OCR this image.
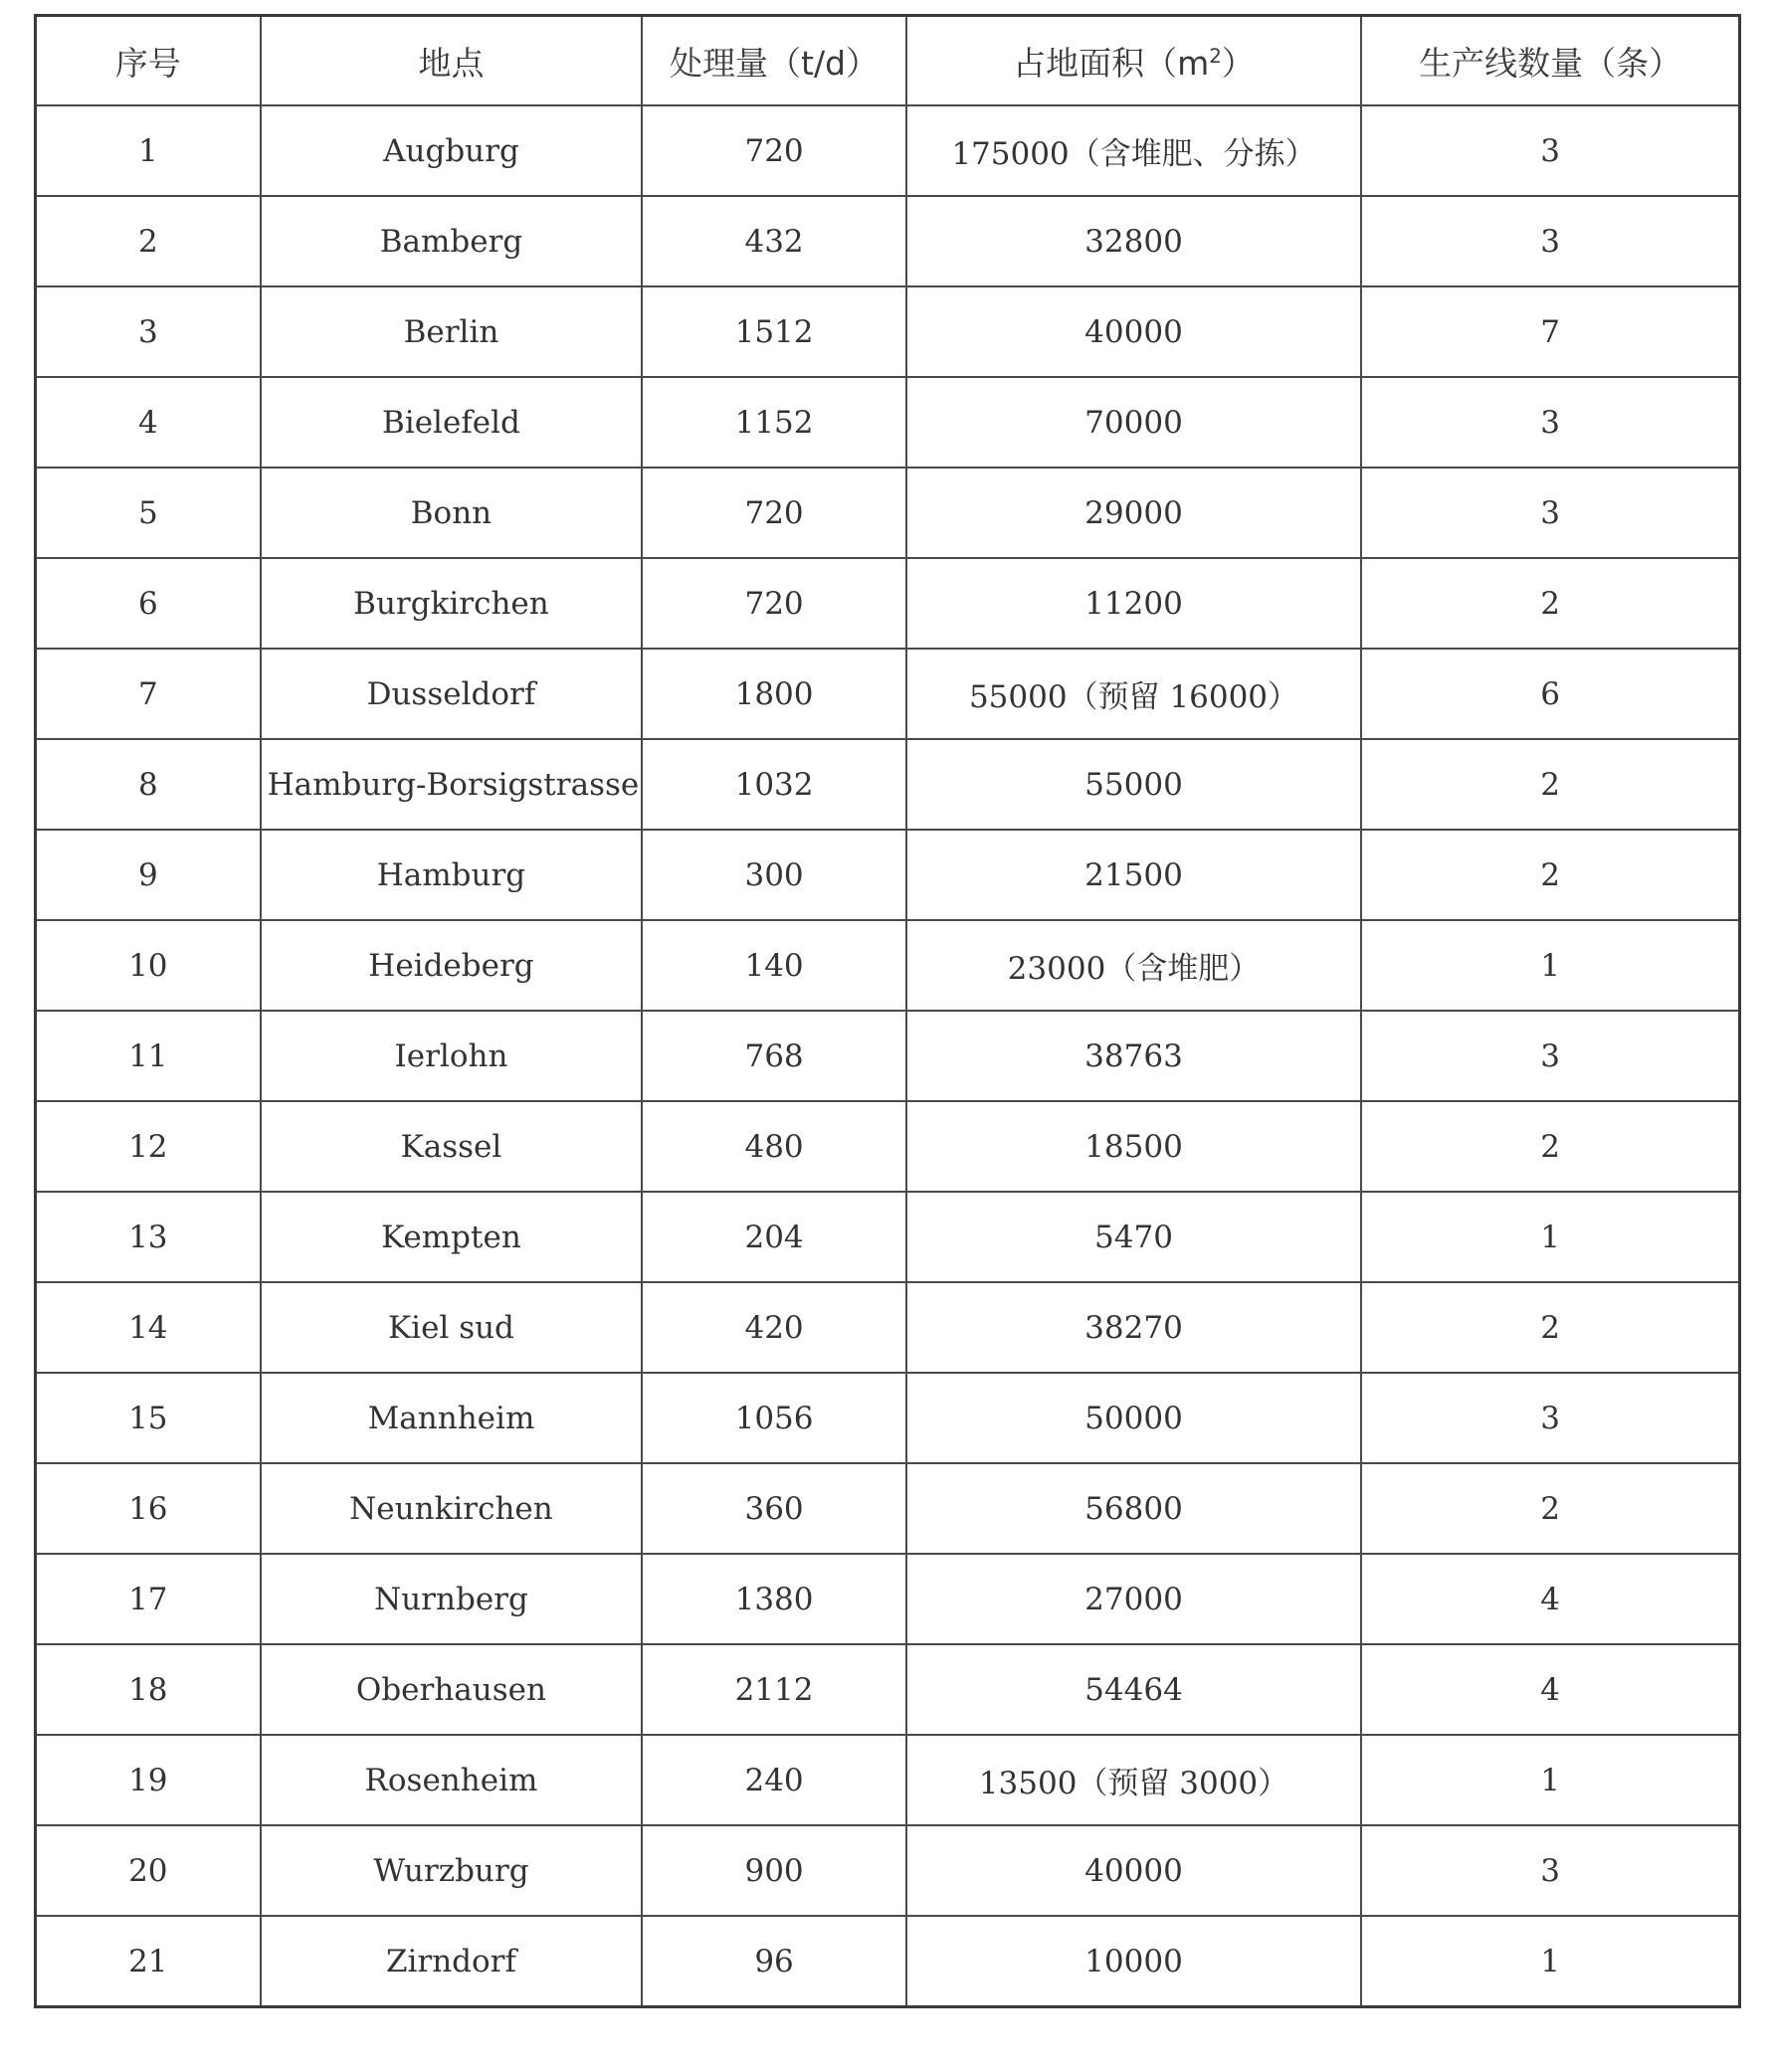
序号	地点	处理量（t/d）	占地面积$(m^2)$	生产线数量（条）
1	Augburg	720	175000（含堆肥、分拣）	3
2	Bamberg	432	32800	3
3	Berlin	1512	40000	7
4	Bielefeld	1152	70000	3
5	Bonn	720	29000	3
6	Burgkirchen	720	11200	2
7	Dusseldorf	1800	55000（预留 16000）	6
8	Hamburg-Borsigstrasse	1032	55000	2
9	Hamburg	300	21500	2
10	Heideberg	140	23000（含堆肥）	1
11	Ierlohn	768	38763	3
12	Kassel	480	18500	2
13	Kempten	204	5470	1
14	Kiel sud	420	38270	2
15	Mannheim	1056	50000	3
16	Neunkirchen	360	56800	2
17	Nurnberg	1380	27000	4
18	Oberhausen	2112	54464	4
19	Rosenheim	240	13500（预留 3000）	1
20	Wurzburg	900	40000	3
21	Zirndorf	96	10000	1
